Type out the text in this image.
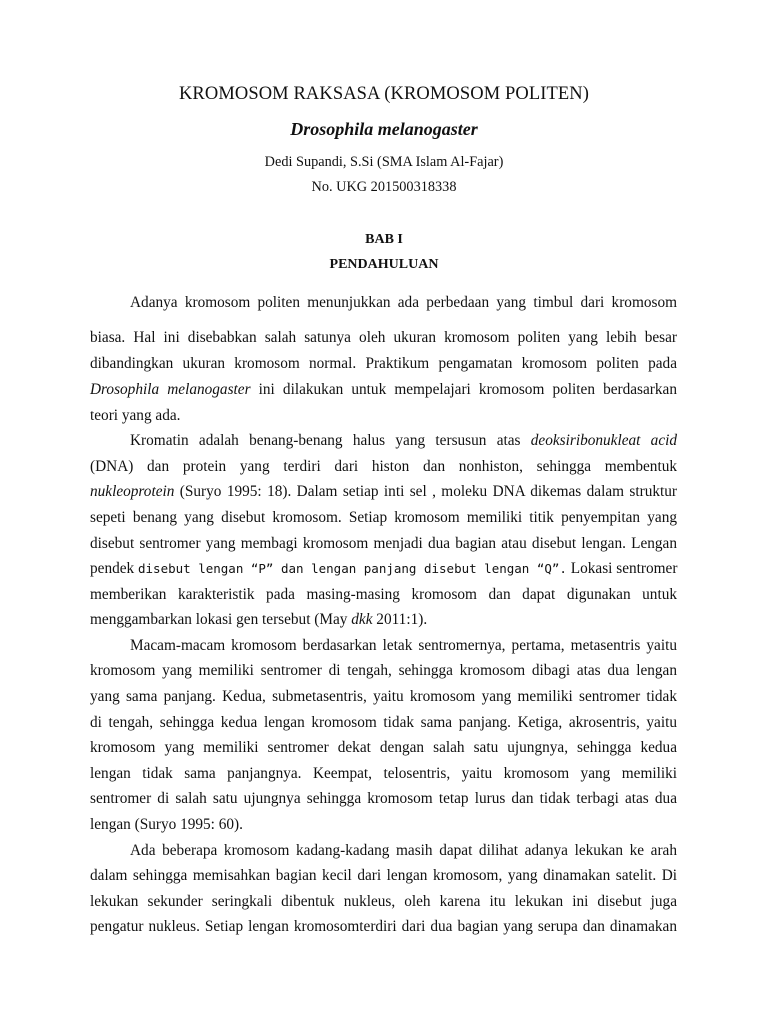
KROMOSOM RAKSASA (KROMOSOM POLITEN)
Drosophila melanogaster
Dedi Supandi, S.Si (SMA Islam Al-Fajar)
No. UKG 201500318338
BAB I
PENDAHULUAN
Adanya kromosom politen menunjukkan ada perbedaan yang timbul dari kromosom
biasa. Hal ini disebabkan salah satunya oleh ukuran kromosom politen yang lebih besar
dibandingkan ukuran kromosom normal. Praktikum pengamatan kromosom politen pada
Drosophila melanogaster ini dilakukan untuk mempelajari kromosom politen berdasarkan
teori yang ada.
Kromatin adalah benang-benang halus yang tersusun atas deoksiribonukleat acid
(DNA) dan protein yang terdiri dari histon dan nonhiston, sehingga membentuk
nukleoprotein (Suryo 1995: 18). Dalam setiap inti sel , moleku DNA dikemas dalam struktur
sepeti benang yang disebut kromosom. Setiap kromosom memiliki titik penyempitan yang
disebut sentromer yang membagi kromosom menjadi dua bagian atau disebut lengan. Lengan
pendek disebut lengan “P” dan lengan panjang disebut lengan “Q”. Lokasi sentromer
memberikan karakteristik pada masing-masing kromosom dan dapat digunakan untuk
menggambarkan lokasi gen tersebut (May dkk 2011:1).
Macam-macam kromosom berdasarkan letak sentromernya, pertama, metasentris yaitu
kromosom yang memiliki sentromer di tengah, sehingga kromosom dibagi atas dua lengan
yang sama panjang. Kedua, submetasentris, yaitu kromosom yang memiliki sentromer tidak
di tengah, sehingga kedua lengan kromosom tidak sama panjang. Ketiga, akrosentris, yaitu
kromosom yang memiliki sentromer dekat dengan salah satu ujungnya, sehingga kedua
lengan tidak sama panjangnya. Keempat, telosentris, yaitu kromosom yang memiliki
sentromer di salah satu ujungnya sehingga kromosom tetap lurus dan tidak terbagi atas dua
lengan (Suryo 1995: 60).
Ada beberapa kromosom kadang-kadang masih dapat dilihat adanya lekukan ke arah
dalam sehingga memisahkan bagian kecil dari lengan kromosom, yang dinamakan satelit. Di
lekukan sekunder seringkali dibentuk nukleus, oleh karena itu lekukan ini disebut juga
pengatur nukleus. Setiap lengan kromosomterdiri dari dua bagian yang serupa dan dinamakan
